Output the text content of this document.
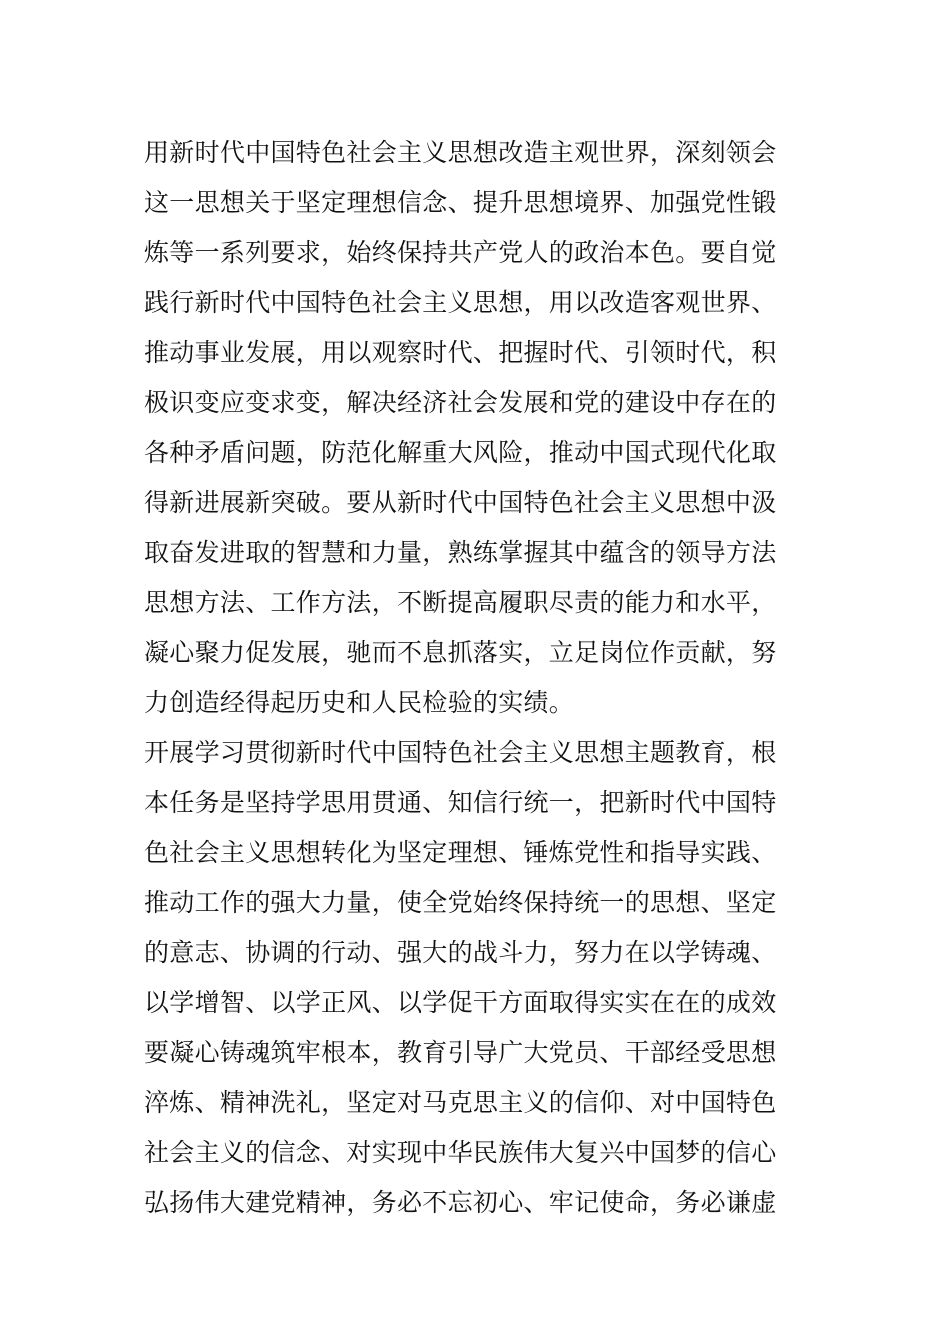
用新时代中国特色社会主义思想改造主观世界，深刻领会
这一思想关于坚定理想信念、提升思想境界、加强党性锻
炼等一系列要求，始终保持共产党人的政治本色。要自觉
践行新时代中国特色社会主义思想，用以改造客观世界、
推动事业发展，用以观察时代、把握时代、引领时代，积
极识变应变求变，解决经济社会发展和党的建设中存在的
各种矛盾问题，防范化解重大风险，推动中国式现代化取
得新进展新突破。要从新时代中国特色社会主义思想中汲
取奋发进取的智慧和力量，熟练掌握其中蕴含的领导方法
思想方法、工作方法，不断提高履职尽责的能力和水平，
凝心聚力促发展，驰而不息抓落实，立足岗位作贡献，努
力创造经得起历史和人民检验的实绩。
开展学习贯彻新时代中国特色社会主义思想主题教育，根
本任务是坚持学思用贯通、知信行统一，把新时代中国特
色社会主义思想转化为坚定理想、锤炼党性和指导实践、
推动工作的强大力量，使全党始终保持统一的思想、坚定
的意志、协调的行动、强大的战斗力，努力在以学铸魂、
以学增智、以学正风、以学促干方面取得实实在在的成效
要凝心铸魂筑牢根本，教育引导广大党员、干部经受思想
淬炼、精神洗礼，坚定对马克思主义的信仰、对中国特色
社会主义的信念、对实现中华民族伟大复兴中国梦的信心
弘扬伟大建党精神，务必不忘初心、牢记使命，务必谦虚
